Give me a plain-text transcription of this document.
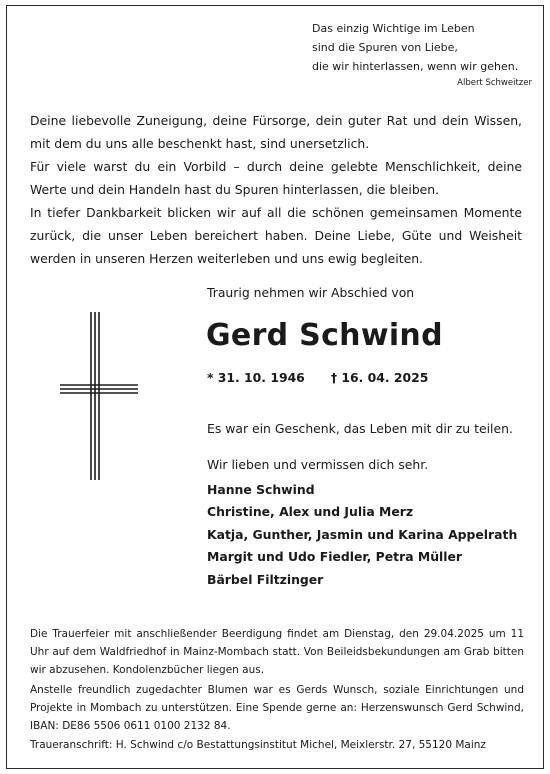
Das einzig Wichtige im Leben
sind die Spuren von Liebe,
die wir hinterlassen, wenn wir gehen.
Albert Schweitzer

Deine liebevolle Zuneigung, deine Fürsorge, dein guter Rat und dein Wissen, mit dem du uns alle beschenkt hast, sind unersetzlich.

Für viele warst du ein Vorbild – durch deine gelebte Menschlichkeit, deine Werte und dein Handeln hast du Spuren hinterlassen, die bleiben.

In tiefer Dankbarkeit blicken wir auf all die schönen gemeinsamen Momente zurück, die unser Leben bereichert haben. Deine Liebe, Güte und Weisheit werden in unseren Herzen weiterleben und uns ewig begleiten.

Traurig nehmen wir Abschied von
Gerd Schwind
* 31. 10. 1946 † 16. 04. 2025
Es war ein Geschenk, das Leben mit dir zu teilen.
Wir lieben und vermissen dich sehr.
Hanne Schwind
Christine, Alex und Julia Merz
Katja, Gunther, Jasmin und Karina Appelrath
Margit und Udo Fiedler, Petra Müller
Bärbel Filtzinger

Die Trauerfeier mit anschließender Beerdigung findet am Dienstag, den 29.04.2025 um 11 Uhr auf dem Waldfriedhof in Mainz-Mombach statt. Von Beileidsbekundungen am Grab bitten wir abzusehen. Kondolenzbücher liegen aus.

Anstelle freundlich zugedachter Blumen war es Gerds Wunsch, soziale Einrichtungen und Projekte in Mombach zu unterstützen. Eine Spende gerne an: Herzenswunsch Gerd Schwind, IBAN: DE86 5506 0611 0100 2132 84.

Traueranschrift: H. Schwind c/o Bestattungsinstitut Michel, Meixlerstr. 27, 55120 Mainz
